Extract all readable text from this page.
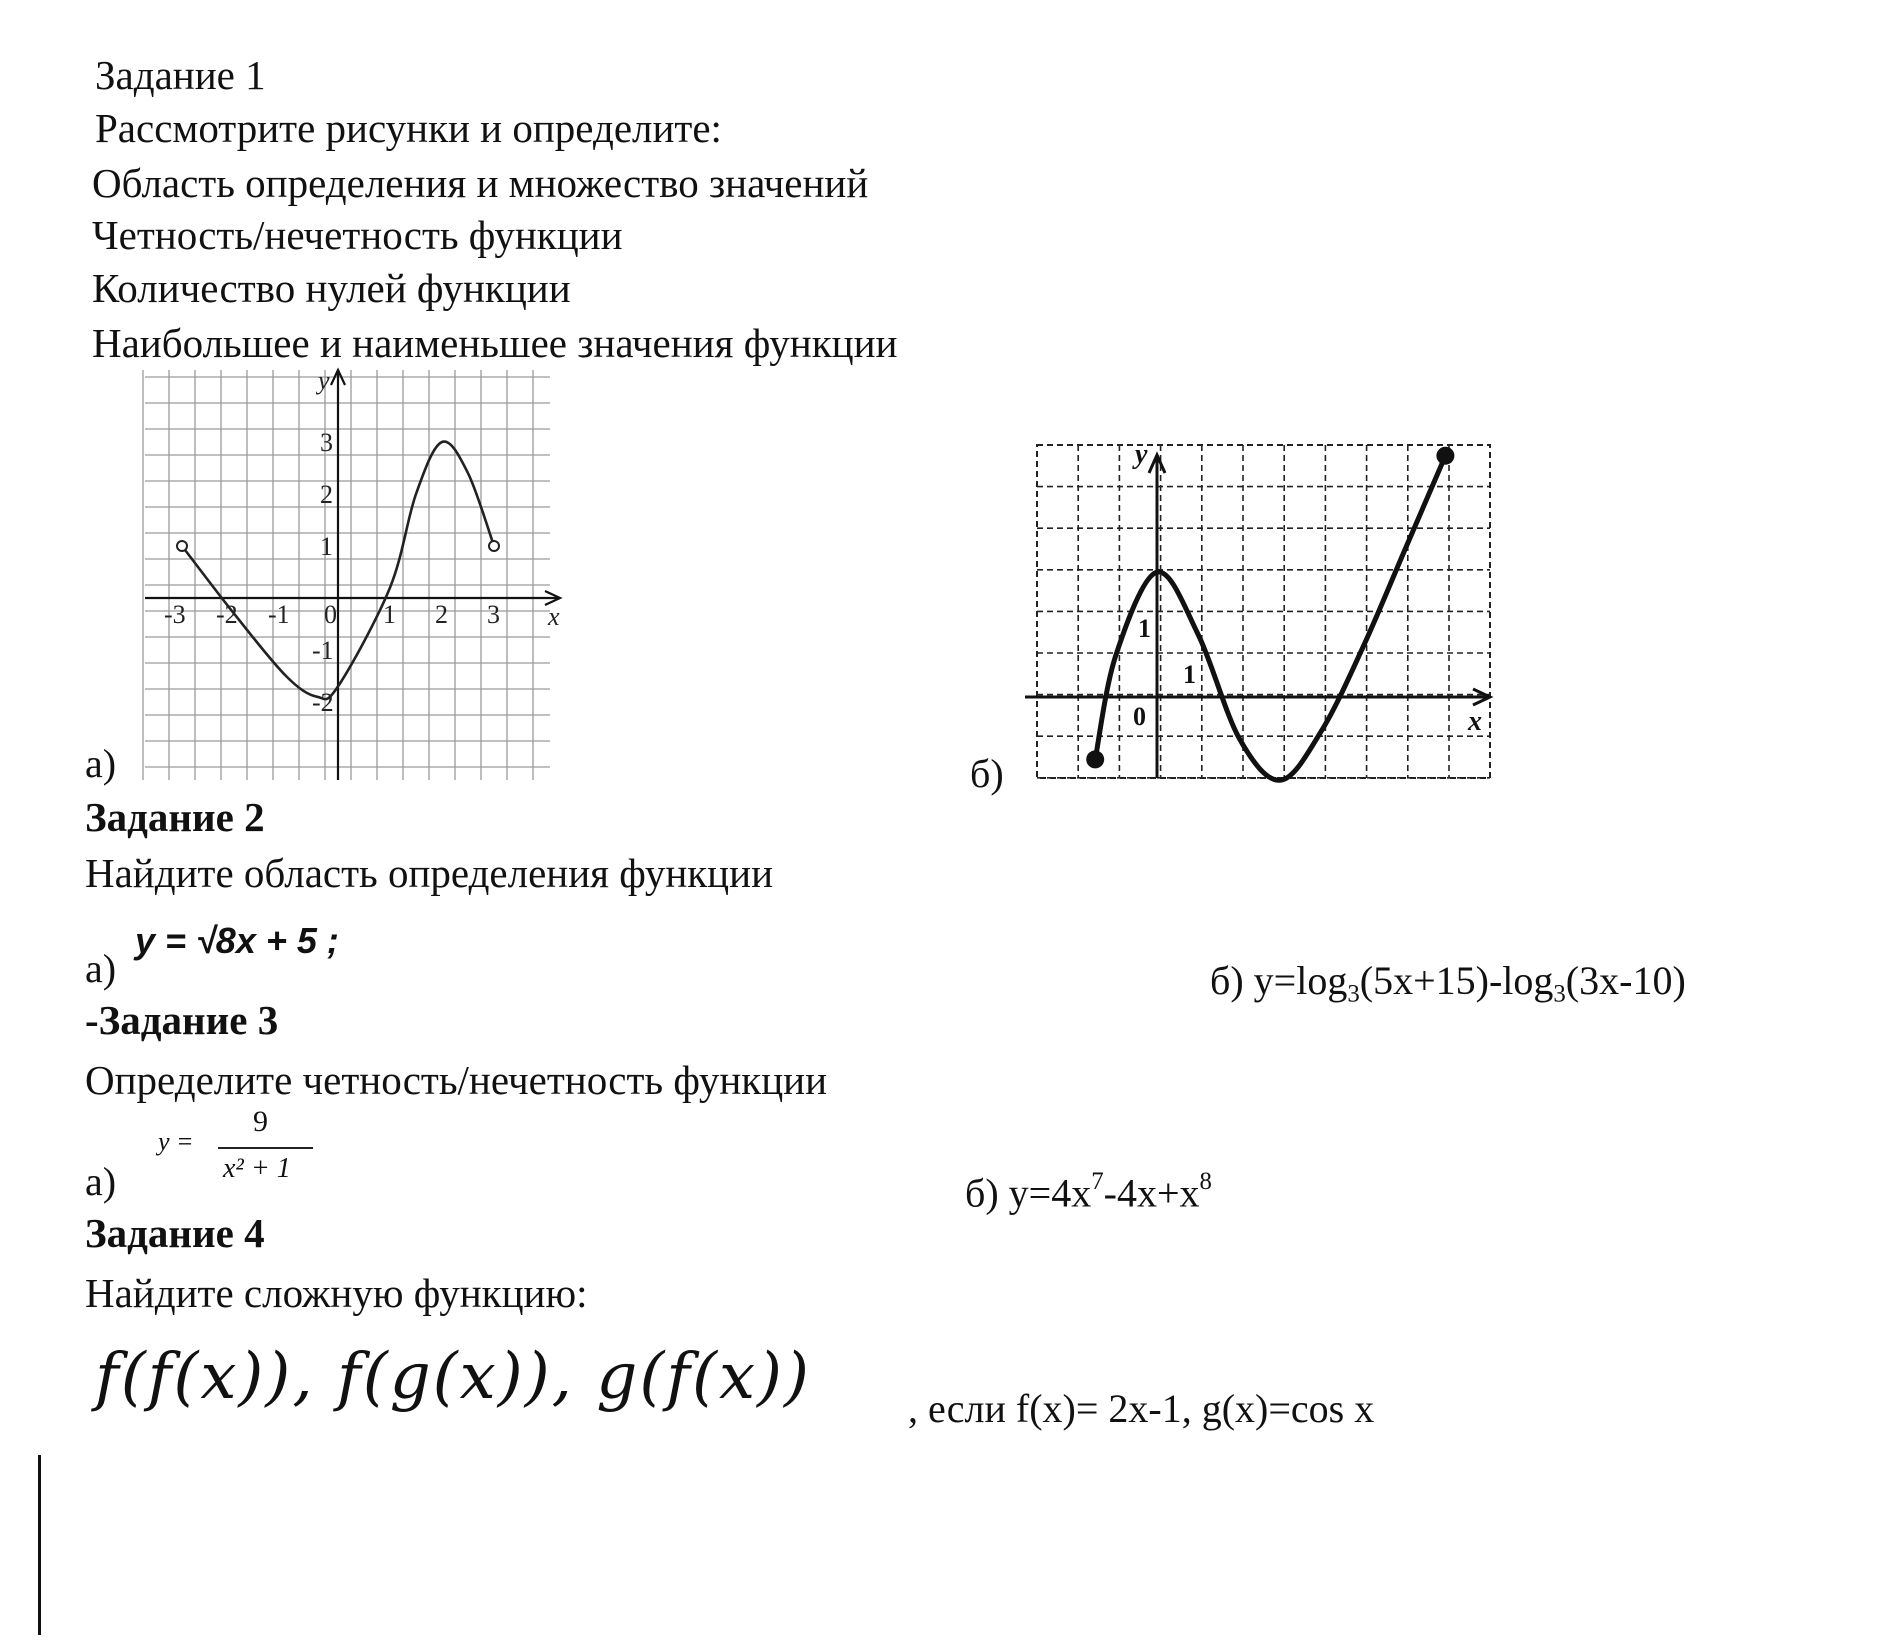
Задание 1
Рассмотрите рисунки и определите:
Область определения и множество значений
Четность/нечетность функции
Количество нулей функции
Наибольшее и наименьшее значения функции
-3 -2 -1 0 1 2 3
3
2
1
-1
-2
x
y
а)	б)
1
1
0	x
y
Задание 2
Найдите область определения функции
а)
y = √8x + 5 ;
б) $y=\log_3(5x+15)-\log_3(3x-10)$
-Задание 3
Определите четность/нечетность функции
а)
y =
9
x² + 1
б) $y=4x^7-4x+x^8$
Задание 4
Найдите сложную функцию:
f(f(x)), f(g(x)), g(f(x)) , если f(x)= 2x-1, g(x)=cos x
